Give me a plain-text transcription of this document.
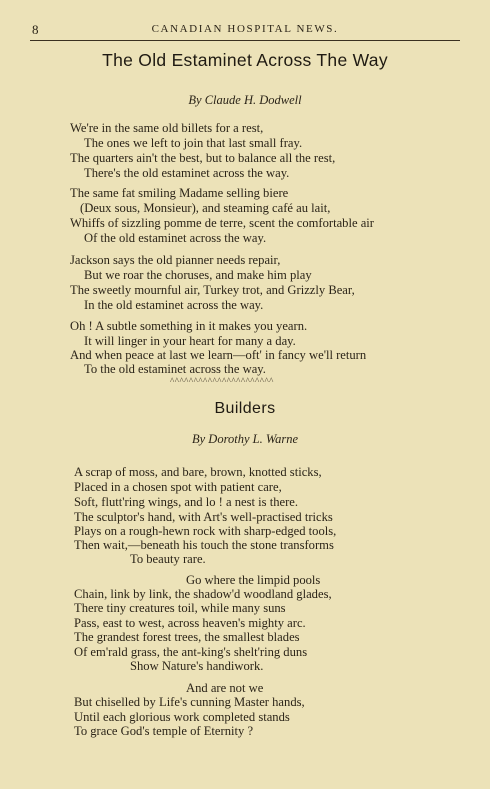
8	CANADIAN HOSPITAL NEWS.
The Old Estaminet Across The Way
By Claude H. Dodwell
We're in the same old billets for a rest,
The ones we left to join that last small fray.
The quarters ain't the best, but to balance all the rest,
There's the old estaminet across the way.
The same fat smiling Madame selling biere
(Deux sous, Monsieur), and steaming café au lait,
Whiffs of sizzling pomme de terre, scent the comfortable air
Of the old estaminet across the way.
Jackson says the old pianner needs repair,
But we roar the choruses, and make him play
The sweetly mournful air, Turkey trot, and Grizzly Bear,
In the old estaminet across the way.
Oh ! A subtle something in it makes you yearn.
It will linger in your heart for many a day.
And when peace at last we learn—oft' in fancy we'll return
To the old estaminet across the way.
^^^^^^^^^^^^^^^^^^^^^^
Builders
By Dorothy L. Warne
A scrap of moss, and bare, brown, knotted sticks,
Placed in a chosen spot with patient care,
Soft, flutt'ring wings, and lo ! a nest is there.
The sculptor's hand, with Art's well-practised tricks
Plays on a rough-hewn rock with sharp-edged tools,
Then wait,—beneath his touch the stone transforms
To beauty rare.
Go where the limpid pools
Chain, link by link, the shadow'd woodland glades,
There tiny creatures toil, while many suns
Pass, east to west, across heaven's mighty arc.
The grandest forest trees, the smallest blades
Of em'rald grass, the ant-king's shelt'ring duns
Show Nature's handiwork.
And are not we
But chiselled by Life's cunning Master hands,
Until each glorious work completed stands
To grace God's temple of Eternity ?
